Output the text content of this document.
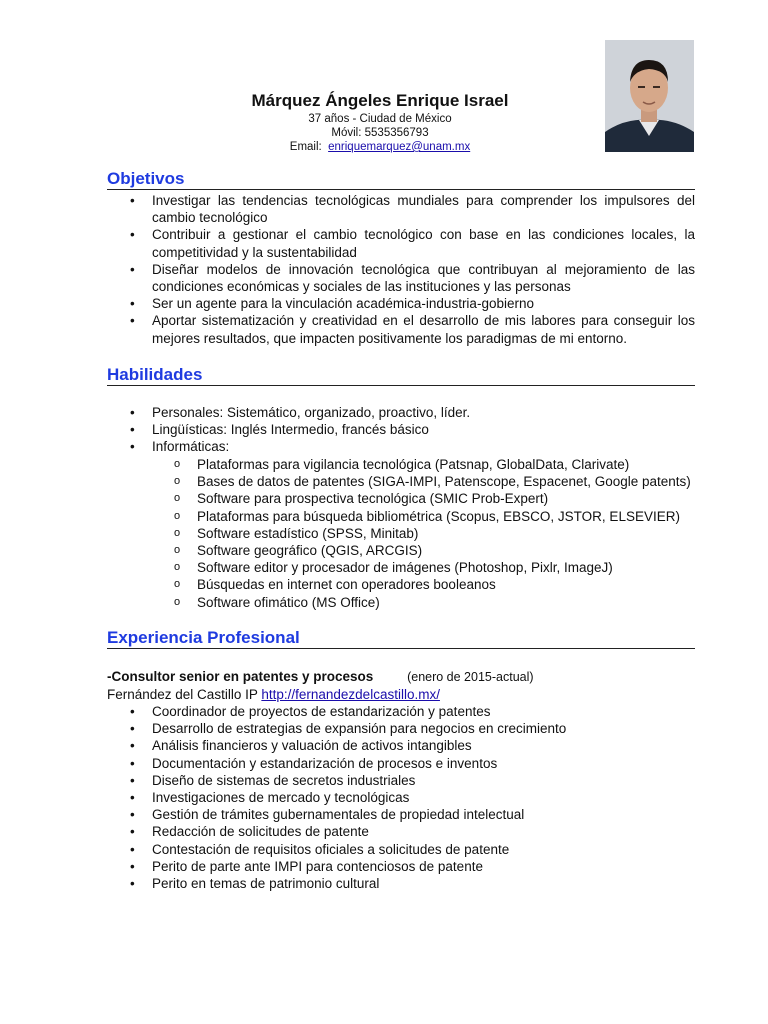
Márquez Ángeles Enrique Israel

37 años - Ciudad de México

Móvil: 5535356793

Email: enriquemarquez@unam.mx

Objetivos
• Investigar las tendencias tecnológicas mundiales para comprender los impulsores del cambio tecnológico
• Contribuir a gestionar el cambio tecnológico con base en las condiciones locales, la competitividad y la sustentabilidad
• Diseñar modelos de innovación tecnológica que contribuyan al mejoramiento de las condiciones económicas y sociales de las instituciones y las personas
• Ser un agente para la vinculación académica-industria-gobierno
• Aportar sistematización y creatividad en el desarrollo de mis labores para conseguir los mejores resultados, que impacten positivamente los paradigmas de mi entorno.
Habilidades
• Personales: Sistemático, organizado, proactivo, líder.
• Lingüísticas: Inglés Intermedio, francés básico
• Informáticas:
o Plataformas para vigilancia tecnológica (Patsnap, GlobalData, Clarivate)
o Bases de datos de patentes (SIGA-IMPI, Patenscope, Espacenet, Google patents)
o Software para prospectiva tecnológica (SMIC Prob-Expert)
o Plataformas para búsqueda bibliométrica (Scopus, EBSCO, JSTOR, ELSEVIER)
o Software estadístico (SPSS, Minitab)
o Software geográfico (QGIS, ARCGIS)
o Software editor y procesador de imágenes (Photoshop, Pixlr, ImageJ)
o Búsquedas en internet con operadores booleanos
o Software ofimático (MS Office)
Experiencia Profesional
-Consultor senior en patentes y procesos	(enero de 2015-actual)
Fernández del Castillo IP http://fernandezdelcastillo.mx/
• Coordinador de proyectos de estandarización y patentes
• Desarrollo de estrategias de expansión para negocios en crecimiento
• Análisis financieros y valuación de activos intangibles
• Documentación y estandarización de procesos e inventos
• Diseño de sistemas de secretos industriales
• Investigaciones de mercado y tecnológicas
• Gestión de trámites gubernamentales de propiedad intelectual
• Redacción de solicitudes de patente
• Contestación de requisitos oficiales a solicitudes de patente
• Perito de parte ante IMPI para contenciosos de patente
• Perito en temas de patrimonio cultural
